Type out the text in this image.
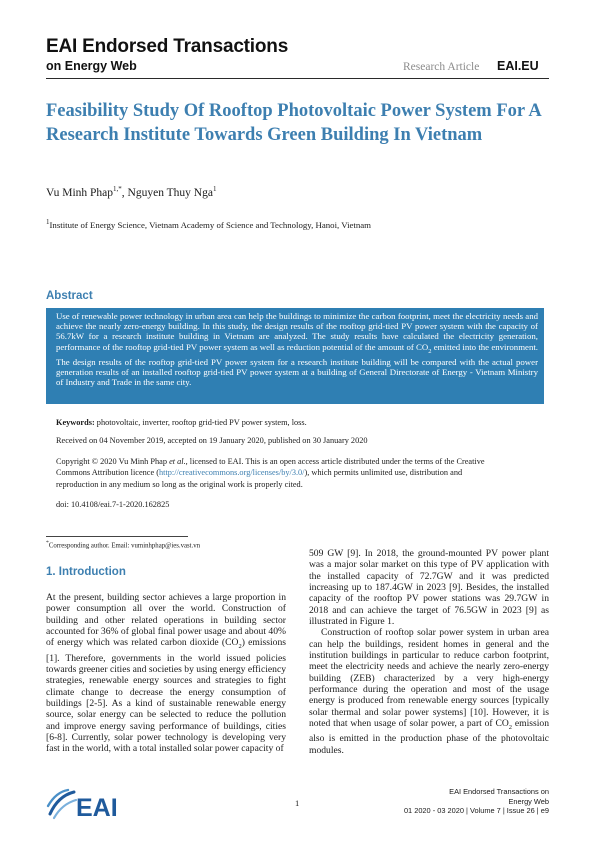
EAI Endorsed Transactions
on Energy Web	Research Article EAI.EU
Feasibility Study Of Rooftop Photovoltaic Power System For A Research Institute Towards Green Building In Vietnam
Vu Minh Phap$^{1,*}$, Nguyen Thuy Nga$^1$
$^1$Institute of Energy Science, Vietnam Academy of Science and Technology, Hanoi, Vietnam
Abstract

Use of renewable power technology in urban area can help the buildings to minimize the carbon footprint, meet the electricity needs and achieve the nearly zero-energy building. In this study, the design results of the rooftop grid-tied PV power system with the capacity of 56.7kW for a research institute building in Vietnam are analyzed. The study results have calculated the electricity generation, performance of the rooftop grid-tied PV power system as well as reduction potential of the amount of $CO_2$ emitted into the environment. The design results of the rooftop grid-tied PV power system for a research institute building will be compared with the actual power generation results of an installed rooftop grid-tied PV power system at a building of General Directorate of Energy - Vietnam Ministry of Industry and Trade in the same city.

Keywords: photovoltaic, inverter, rooftop grid-tied PV power system, loss.
Received on 04 November 2019, accepted on 19 January 2020, published on 30 January 2020
Copyright © 2020 Vu Minh Phap et al., licensed to EAI. This is an open access article distributed under the terms of the Creative Commons Attribution licence (http://creativecommons.org/licenses/by/3.0/), which permits unlimited use, distribution and reproduction in any medium so long as the original work is properly cited.
doi: 10.4108/eai.7-1-2020.162825
*Corresponding author. Email: vuminhphap@ies.vast.vn
1. Introduction

At the present, building sector achieves a large proportion in power consumption all over the world. Construction of building and other related operations in building sector accounted for 36% of global final power usage and about 40% of energy which was related carbon dioxide $(CO_2)$ emissions [1]. Therefore, governments in the world issued policies towards greener cities and societies by using energy efficiency strategies, renewable energy sources and strategies to fight climate change to decrease the energy consumption of buildings [2-5]. As a kind of sustainable renewable energy source, solar energy can be selected to reduce the pollution and improve energy saving performance of buildings, cities [6-8]. Currently, solar power technology is developing very fast in the world, with a total installed solar power capacity of

509 GW [9]. In 2018, the ground-mounted PV power plant was a major solar market on this type of PV application with the installed capacity of 72.7GW and it was predicted increasing up to 187.4GW in 2023 [9]. Besides, the installed capacity of the rooftop PV power stations was 29.7GW in 2018 and can achieve the target of 76.5GW in 2023 [9] as illustrated in Figure 1.

Construction of rooftop solar power system in urban area can help the buildings, resident homes in general and the institution buildings in particular to reduce carbon footprint, meet the electricity needs and achieve the nearly zero-energy building (ZEB) characterized by a very high-energy performance during the operation and most of the usage energy is produced from renewable energy sources [typically solar thermal and solar power systems] [10]. However, it is noted that when usage of solar power, a part of $CO_2$ emission also is emitted in the production phase of the photovoltaic modules.

EAI	1
EAI Endorsed Transactions on
Energy Web
01 2020 - 03 2020 | Volume 7 | Issue 26 | e9
